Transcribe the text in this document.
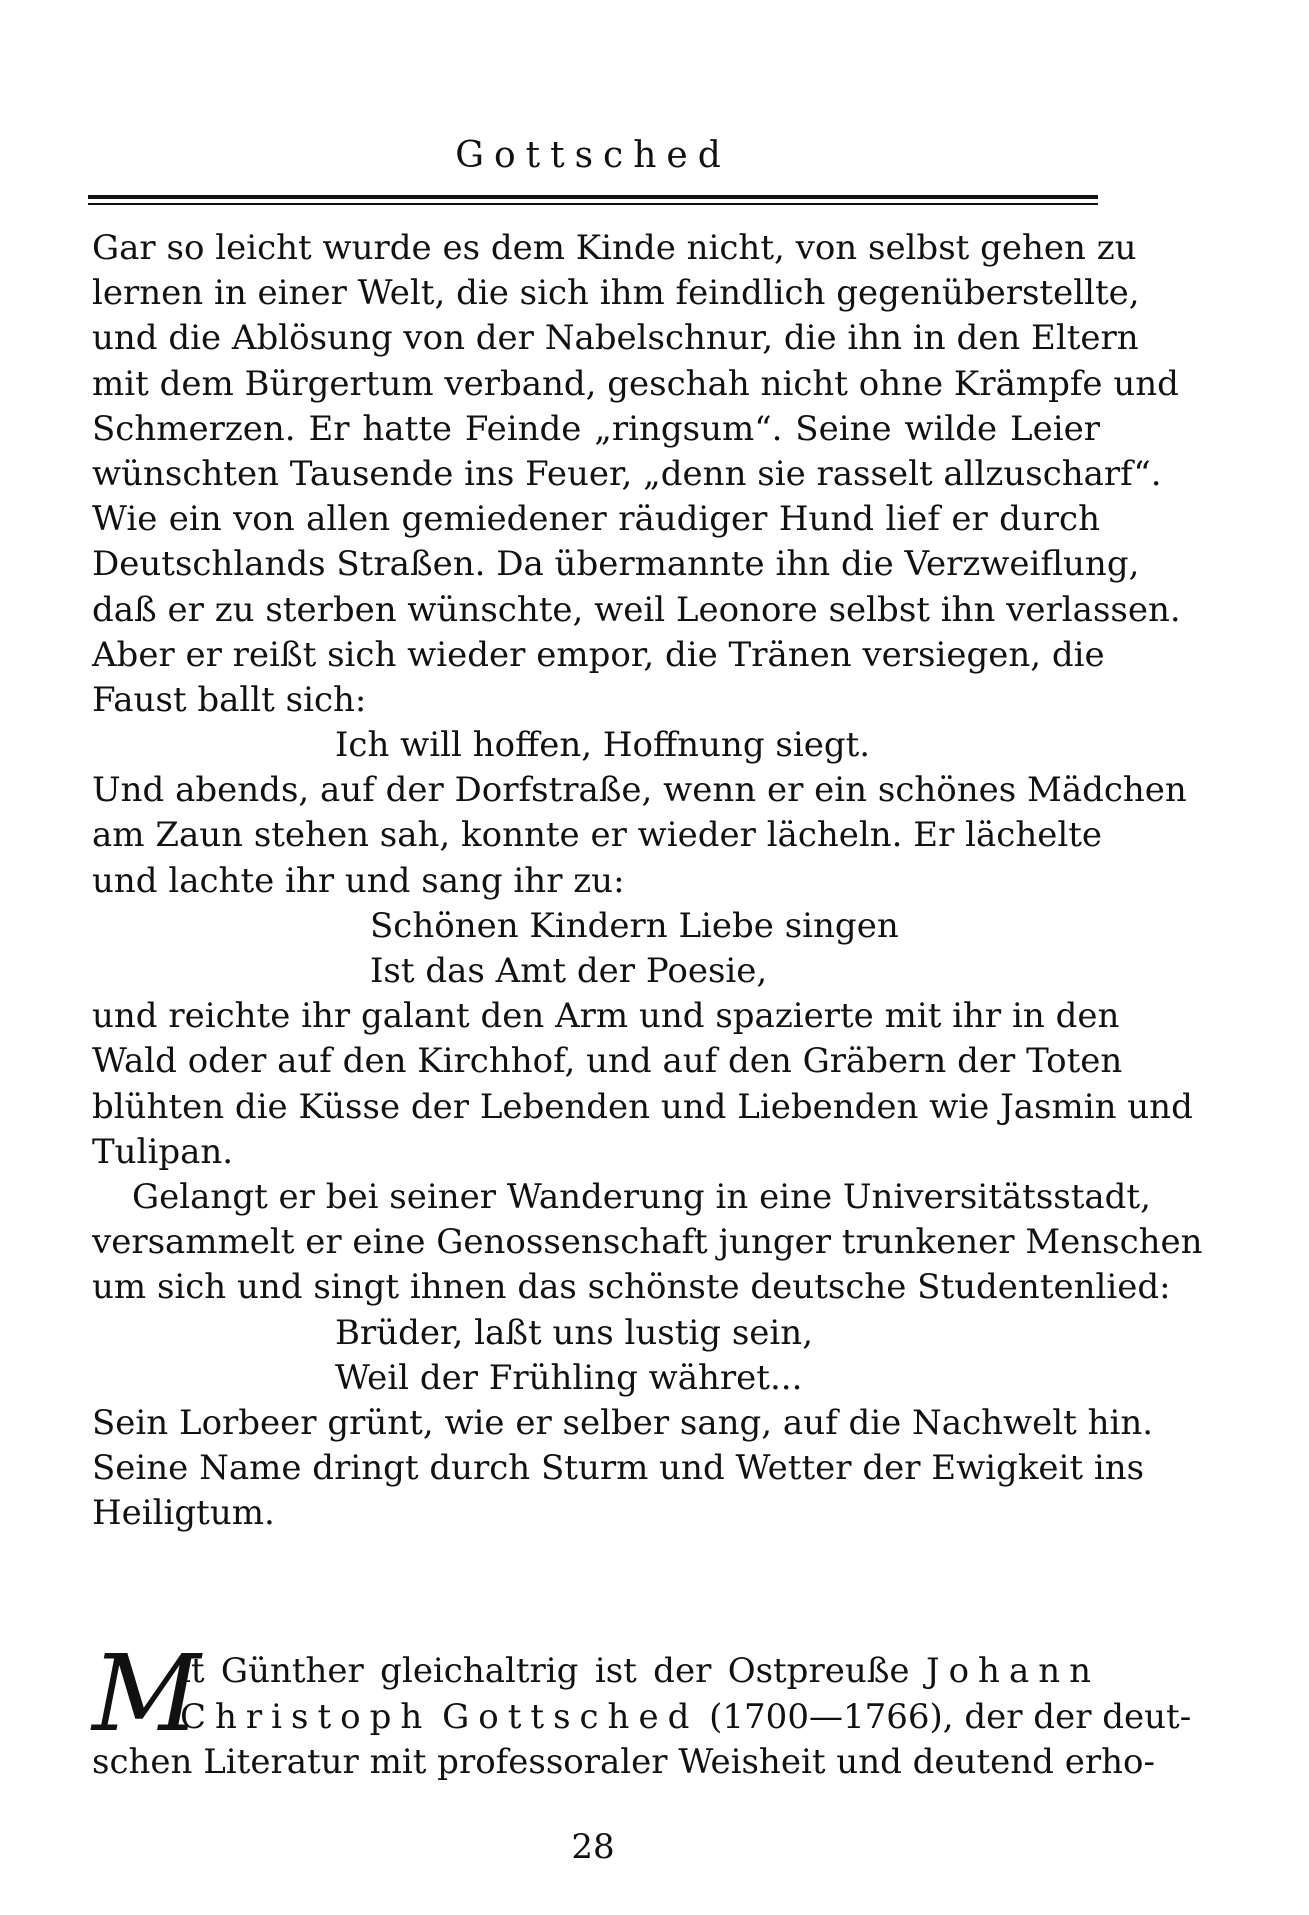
Gottsched
Gar so leicht wurde es dem Kinde nicht, von selbst gehen zu
lernen in einer Welt, die sich ihm feindlich gegenüberstellte,
und die Ablösung von der Nabelschnur, die ihn in den Eltern
mit dem Bürgertum verband, geschah nicht ohne Krämpfe und
Schmerzen. Er hatte Feinde „ringsum“. Seine wilde Leier
wünschten Tausende ins Feuer, „denn sie rasselt allzuscharf“.
Wie ein von allen gemiedener räudiger Hund lief er durch
Deutschlands Straßen. Da übermannte ihn die Verzweiflung,
daß er zu sterben wünschte, weil Leonore selbst ihn verlassen.
Aber er reißt sich wieder empor, die Tränen versiegen, die
Faust ballt sich:
Ich will hoffen, Hoffnung siegt.
Und abends, auf der Dorfstraße, wenn er ein schönes Mädchen
am Zaun stehen sah, konnte er wieder lächeln. Er lächelte
und lachte ihr und sang ihr zu:
Schönen Kindern Liebe singen
Ist das Amt der Poesie,
und reichte ihr galant den Arm und spazierte mit ihr in den
Wald oder auf den Kirchhof, und auf den Gräbern der Toten
blühten die Küsse der Lebenden und Liebenden wie Jasmin und
Tulipan.
Gelangt er bei seiner Wanderung in eine Universitätsstadt,
versammelt er eine Genossenschaft junger trunkener Menschen
um sich und singt ihnen das schönste deutsche Studentenlied:
Brüder, laßt uns lustig sein,
Weil der Frühling währet...
Sein Lorbeer grünt, wie er selber sang, auf die Nachwelt hin.
Seine Name dringt durch Sturm und Wetter der Ewigkeit ins
Heiligtum.
M
it Günther gleichaltrig ist der Ostpreuße Johann
Christoph Gottsched (1700—1766), der der deut-
schen Literatur mit professoraler Weisheit und deutend erho-
28
